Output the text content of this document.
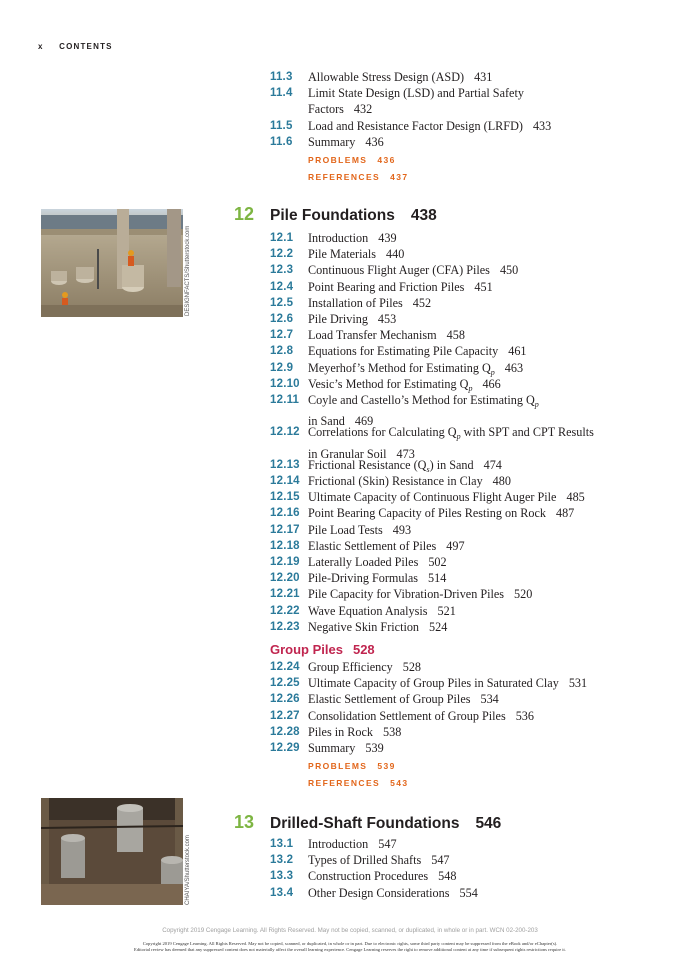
x CONTENTS
11.3 Allowable Stress Design (ASD) 431
11.4 Limit State Design (LSD) and Partial Safety
Factors 432
11.5 Load and Resistance Factor Design (LRFD) 433
11.6 Summary 436
PROBLEMS 436
REFERENCES 437
DESIGNFACTS/Shutterstock.com
12 Pile Foundations 438
12.1 Introduction 439
12.2 Pile Materials 440
12.3 Continuous Flight Auger (CFA) Piles 450
12.4 Point Bearing and Friction Piles 451
12.5 Installation of Piles 452
12.6 Pile Driving 453
12.7 Load Transfer Mechanism 458
12.8 Equations for Estimating Pile Capacity 461
12.9 Meyerhof’s Method for Estimating $Q_p$ 463
12.10 Vesic’s Method for Estimating $Q_p$ 466
12.11 Coyle and Castello’s Method for Estimating $Q_p$
in Sand 469
12.12 Correlations for Calculating $Q_p$ with SPT and CPT Results
in Granular Soil 473
12.13 Frictional Resistance $(Q_s)$ in Sand 474
12.14 Frictional (Skin) Resistance in Clay 480
12.15 Ultimate Capacity of Continuous Flight Auger Pile 485
12.16 Point Bearing Capacity of Piles Resting on Rock 487
12.17 Pile Load Tests 493
12.18 Elastic Settlement of Piles 497
12.19 Laterally Loaded Piles 502
12.20 Pile-Driving Formulas 514
12.21 Pile Capacity for Vibration-Driven Piles 520
12.22 Wave Equation Analysis 521
12.23 Negative Skin Friction 524
Group Piles 528
12.24 Group Efficiency 528
12.25 Ultimate Capacity of Group Piles in Saturated Clay 531
12.26 Elastic Settlement of Group Piles 534
12.27 Consolidation Settlement of Group Piles 536
12.28 Piles in Rock 538
12.29 Summary 539
PROBLEMS 539
REFERENCES 543
CHAIYA/Shutterstock.com
13 Drilled-Shaft Foundations 546
13.1 Introduction 547
13.2 Types of Drilled Shafts 547
13.3 Construction Procedures 548
13.4 Other Design Considerations 554
Copyright 2019 Cengage Learning. All Rights Reserved. May not be copied, scanned, or duplicated, in whole or in part. WCN 02-200-203
Copyright 2019 Cengage Learning. All Rights Reserved. May not be copied, scanned, or duplicated, in whole or in part. Due to electronic rights, some third party content may be suppressed from the eBook and/or eChapter(s).
Editorial review has deemed that any suppressed content does not materially affect the overall learning experience. Cengage Learning reserves the right to remove additional content at any time if subsequent rights restrictions require it.
